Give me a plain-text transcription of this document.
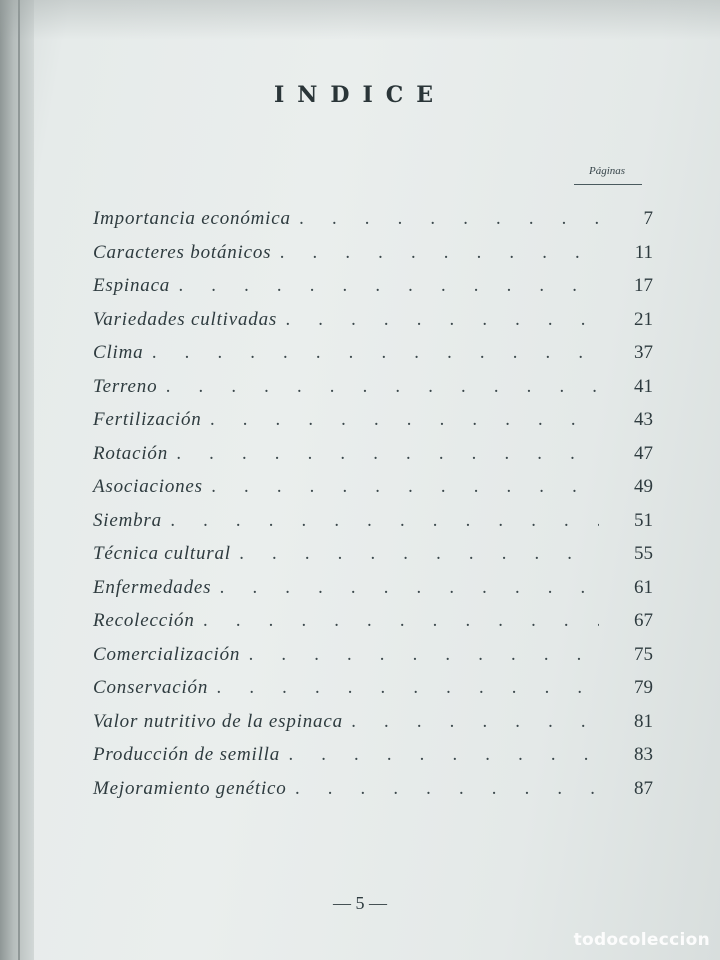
INDICE
Páginas
Importancia económica . . .	7
Caracteres botánicos . . .	11
Espinaca . . .	17
Variedades cultivadas . . .	21
Clima . . .	37
Terreno . . .	41
Fertilización . . .	43
Rotación . . .	47
Asociaciones . . .	49
Siembra . . .	51
Técnica cultural . . .	55
Enfermedades . . .	61
Recolección . . .	67
Comercialización . . .	75
Conservación . . .	79
Valor nutritivo de la espinaca . . .	81
Producción de semilla . . .	83
Mejoramiento genético . . .	87
— 5 —
todocoleccion
